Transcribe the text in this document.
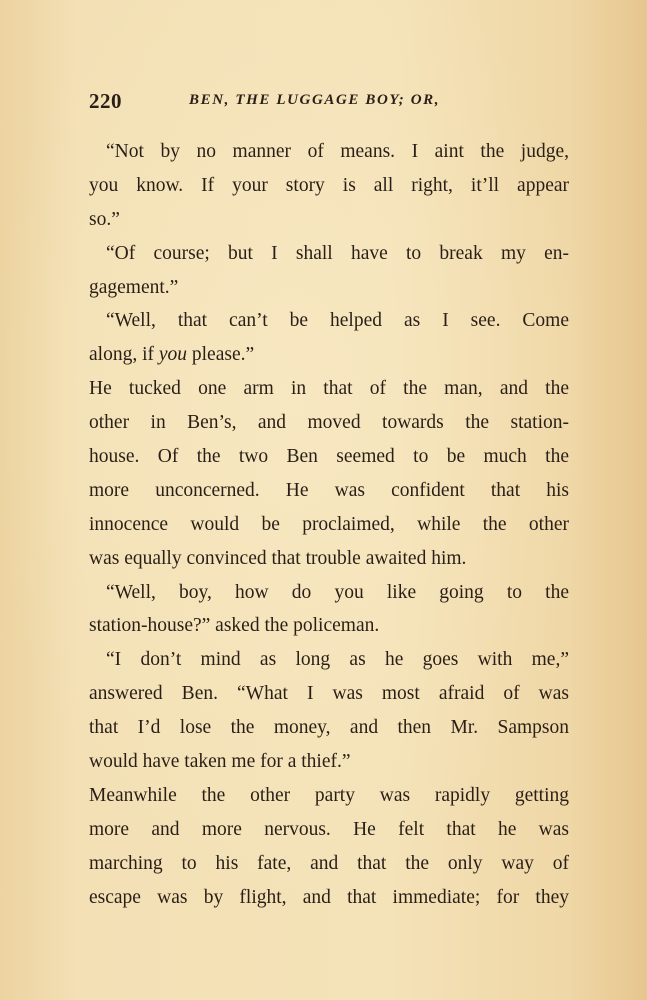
220	BEN, THE LUGGAGE BOY; OR,
“Not by no manner of means. I aint the judge,
you know. If your story is all right, it’ll appear
so.”
“Of course; but I shall have to break my en-
gagement.”
“Well, that can’t be helped as I see. Come
along, if you please.”
He tucked one arm in that of the man, and the
other in Ben’s, and moved towards the station-
house. Of the two Ben seemed to be much the
more unconcerned. He was confident that his
innocence would be proclaimed, while the other
was equally convinced that trouble awaited him.
“Well, boy, how do you like going to the
station-house?” asked the policeman.
“I don’t mind as long as he goes with me,”
answered Ben. “What I was most afraid of was
that I’d lose the money, and then Mr. Sampson
would have taken me for a thief.”
Meanwhile the other party was rapidly getting
more and more nervous. He felt that he was
marching to his fate, and that the only way of
escape was by flight, and that immediate; for they
